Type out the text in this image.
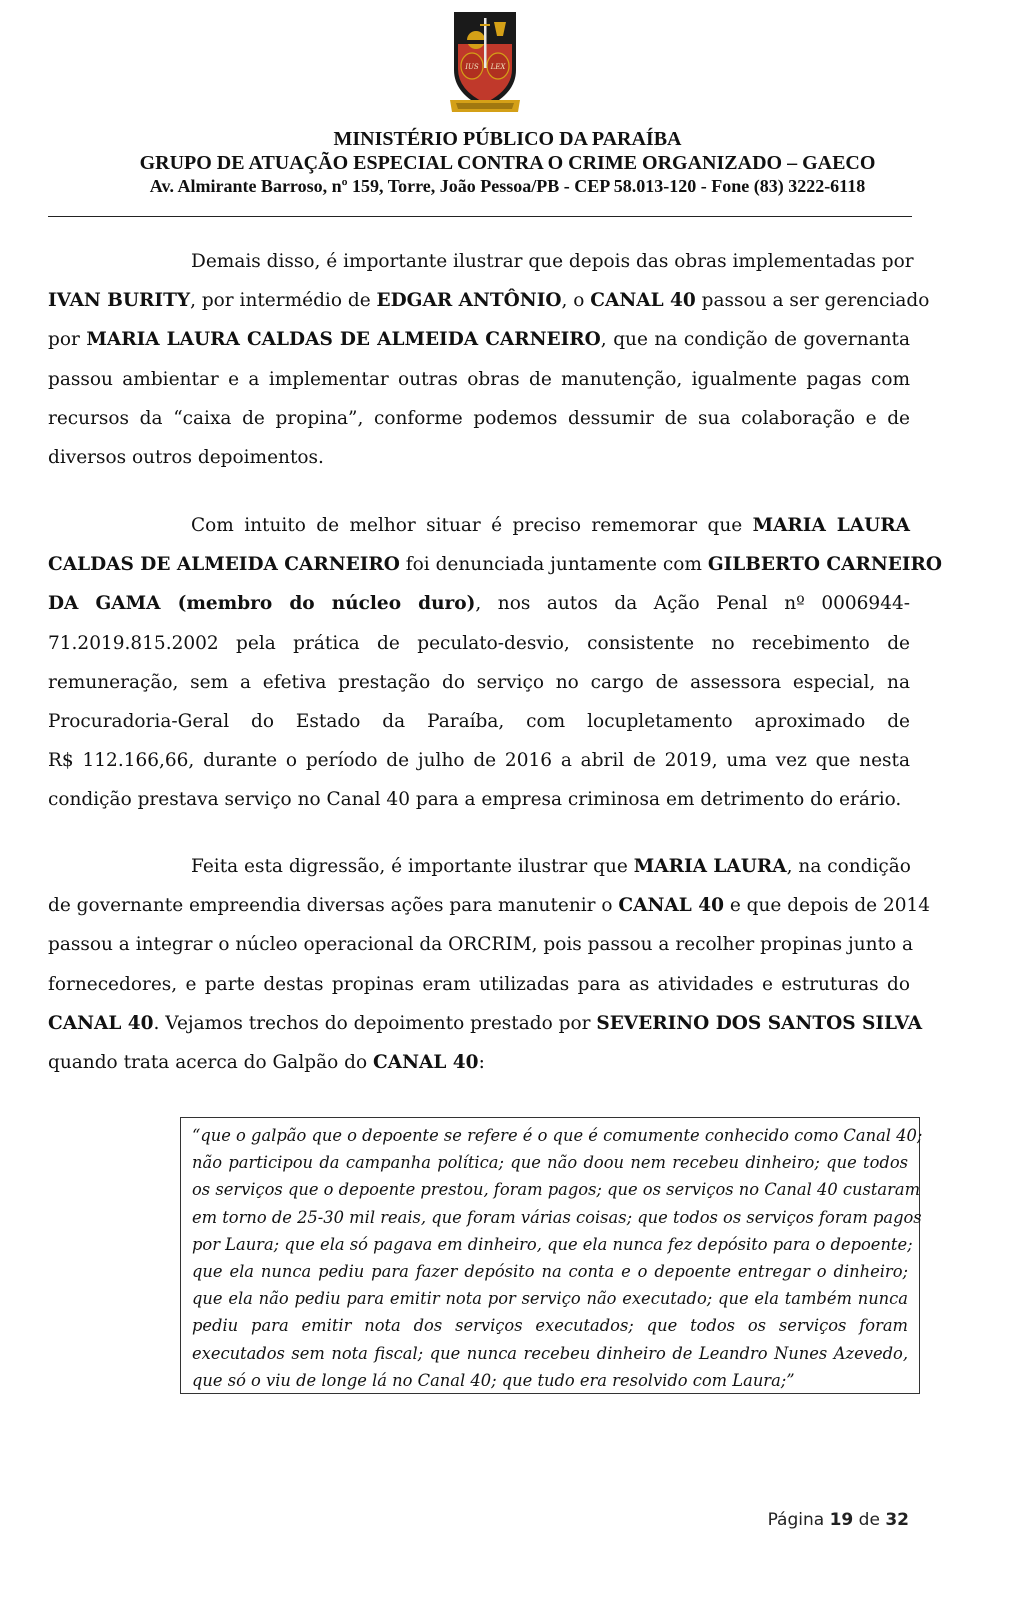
IUS LEX
MINISTÉRIO PÚBLICO DA PARAÍBA
GRUPO DE ATUAÇÃO ESPECIAL CONTRA O CRIME ORGANIZADO – GAECO
Av. Almirante Barroso, nº 159, Torre, João Pessoa/PB - CEP 58.013-120 - Fone (83) 3222-6118
Demais disso, é importante ilustrar que depois das obras implementadas por
IVAN BURITY, por intermédio de EDGAR ANTÔNIO, o CANAL 40 passou a ser gerenciado
por MARIA LAURA CALDAS DE ALMEIDA CARNEIRO, que na condição de governanta
passou ambientar e a implementar outras obras de manutenção, igualmente pagas com
recursos da “caixa de propina”, conforme podemos dessumir de sua colaboração e de
diversos outros depoimentos.
Com intuito de melhor situar é preciso rememorar que MARIA LAURA
CALDAS DE ALMEIDA CARNEIRO foi denunciada juntamente com GILBERTO CARNEIRO
DA GAMA (membro do núcleo duro), nos autos da Ação Penal nº 0006944-
71.2019.815.2002 pela prática de peculato-desvio, consistente no recebimento de
remuneração, sem a efetiva prestação do serviço no cargo de assessora especial, na
Procuradoria-Geral do Estado da Paraíba, com locupletamento aproximado de
R$ 112.166,66, durante o período de julho de 2016 a abril de 2019, uma vez que nesta
condição prestava serviço no Canal 40 para a empresa criminosa em detrimento do erário.
Feita esta digressão, é importante ilustrar que MARIA LAURA, na condição
de governante empreendia diversas ações para manutenir o CANAL 40 e que depois de 2014
passou a integrar o núcleo operacional da ORCRIM, pois passou a recolher propinas junto a
fornecedores, e parte destas propinas eram utilizadas para as atividades e estruturas do
CANAL 40. Vejamos trechos do depoimento prestado por SEVERINO DOS SANTOS SILVA
quando trata acerca do Galpão do CANAL 40:
“que o galpão que o depoente se refere é o que é comumente conhecido como Canal 40;
não participou da campanha política; que não doou nem recebeu dinheiro; que todos
os serviços que o depoente prestou, foram pagos; que os serviços no Canal 40 custaram
em torno de 25-30 mil reais, que foram várias coisas; que todos os serviços foram pagos
por Laura; que ela só pagava em dinheiro, que ela nunca fez depósito para o depoente;
que ela nunca pediu para fazer depósito na conta e o depoente entregar o dinheiro;
que ela não pediu para emitir nota por serviço não executado; que ela também nunca
pediu para emitir nota dos serviços executados; que todos os serviços foram
executados sem nota fiscal; que nunca recebeu dinheiro de Leandro Nunes Azevedo,
que só o viu de longe lá no Canal 40; que tudo era resolvido com Laura;”
Página 19 de 32
